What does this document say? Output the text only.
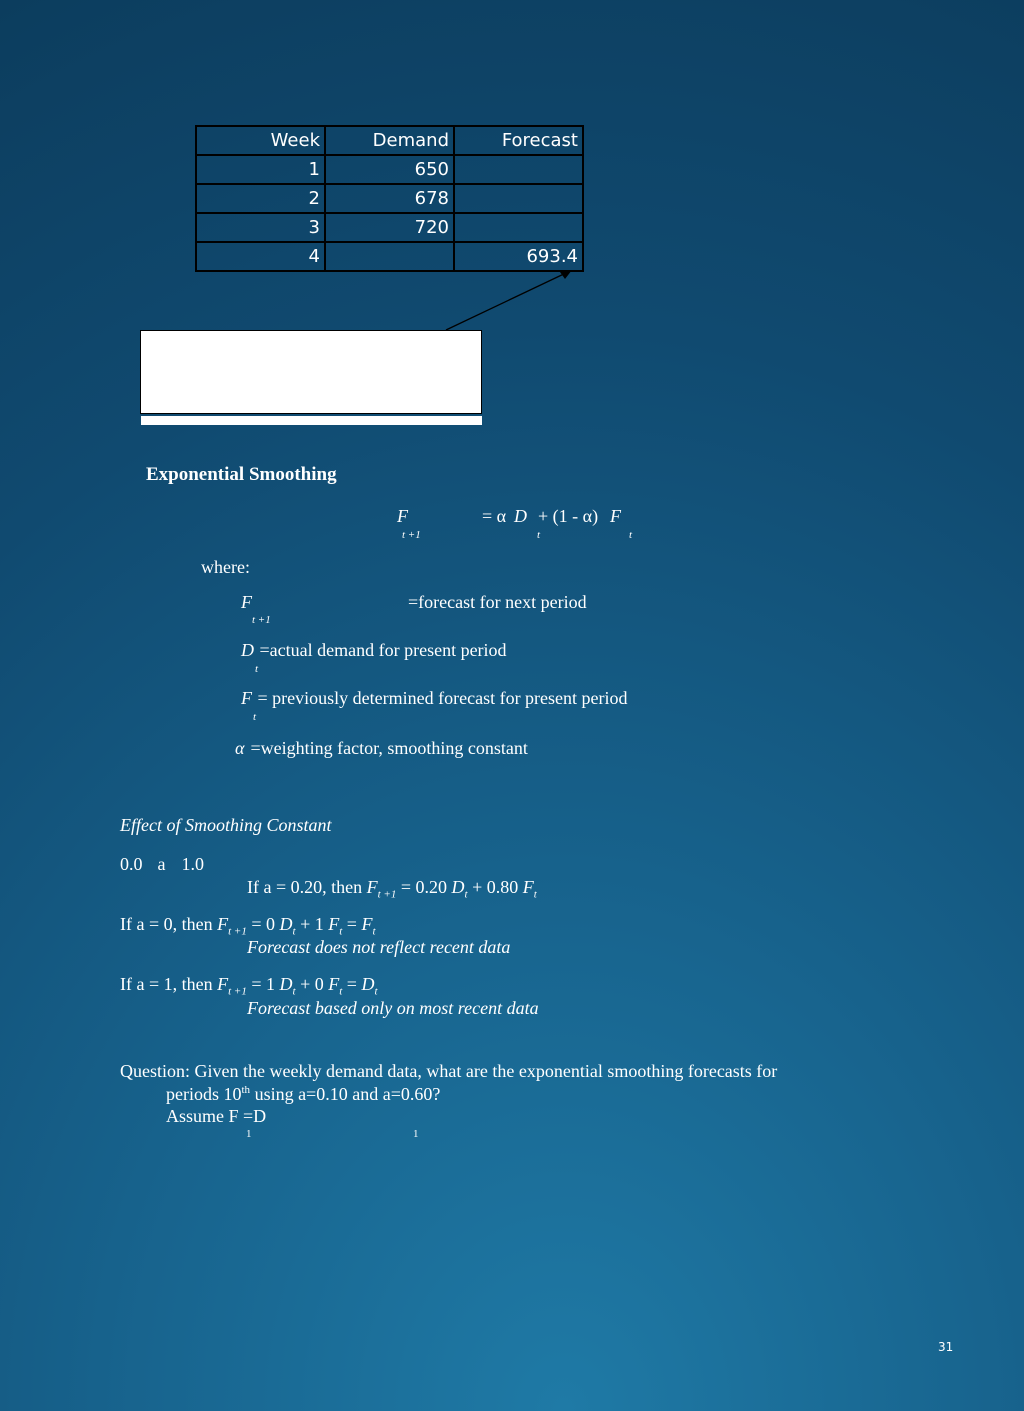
Week	Demand	Forecast
1	650	
2	678	
3	720	
4		693.4
Exponential Smoothing
F
t +1
= α D
t
+ (1 - α) F
t
where:
F
t +1
=forecast for next period
D
t
=actual demand for present period
F
t
= previously determined forecast for present period
α =weighting factor, smoothing constant
Effect of Smoothing Constant
0.0 a 1.0
If a = 0.20, then $F_{t +1} = 0.20$ $D_t + 0.80$ $F_t$
If a = 0, then $F_{t +1} = 0$ $D_t + 1$ $F_t = F_t$
Forecast does not reflect recent data
If a = 1, then $F_{t +1} = 1$ $D_t + 0$ $F_t = D_t$
Forecast based only on most recent data
Question: Given the weekly demand data, what are the exponential smoothing forecasts for
periods 10th using a=0.10 and a=0.60?
Assume F =D
1	1
31
